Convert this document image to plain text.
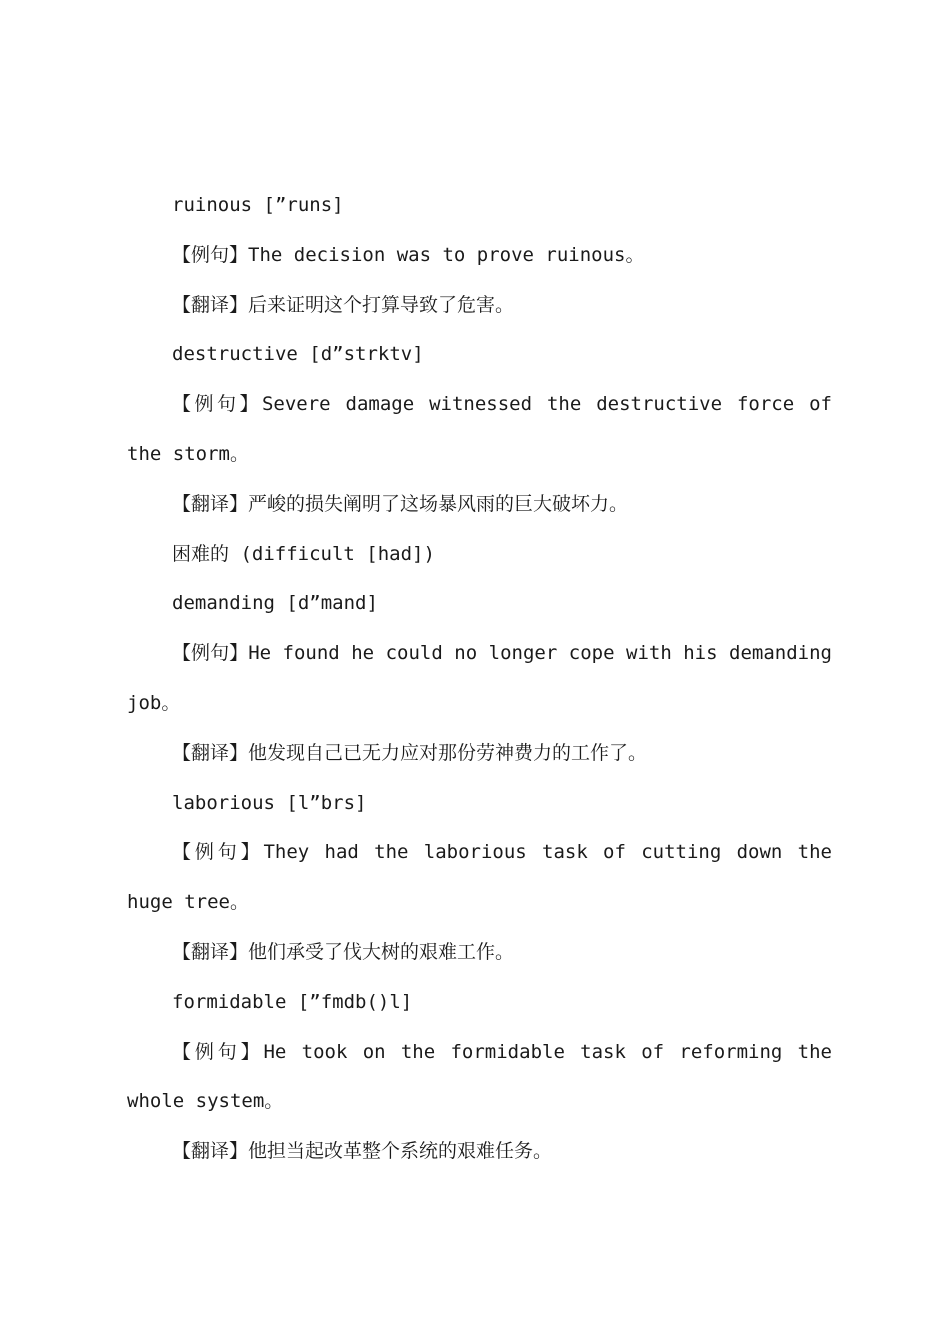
ruinous [”runs]
【例句】The decision was to prove ruinous。
【翻译】后来证明这个打算导致了危害。
destructive [d”strktv]
【例句】Severe damage witnessed the destructive force of
the storm。
【翻译】严峻的损失阐明了这场暴风雨的巨大破坏力。
困难的 (difficult [had])
demanding [d”mand]
【例句】He found he could no longer cope with his demanding
job。
【翻译】他发现自己已无力应对那份劳神费力的工作了。
laborious [l”brs]
【例句】They had the laborious task of cutting down the
huge tree。
【翻译】他们承受了伐大树的艰难工作。
formidable [”fmdb()l]
【例句】He took on the formidable task of reforming the
whole system。
【翻译】他担当起改革整个系统的艰难任务。
